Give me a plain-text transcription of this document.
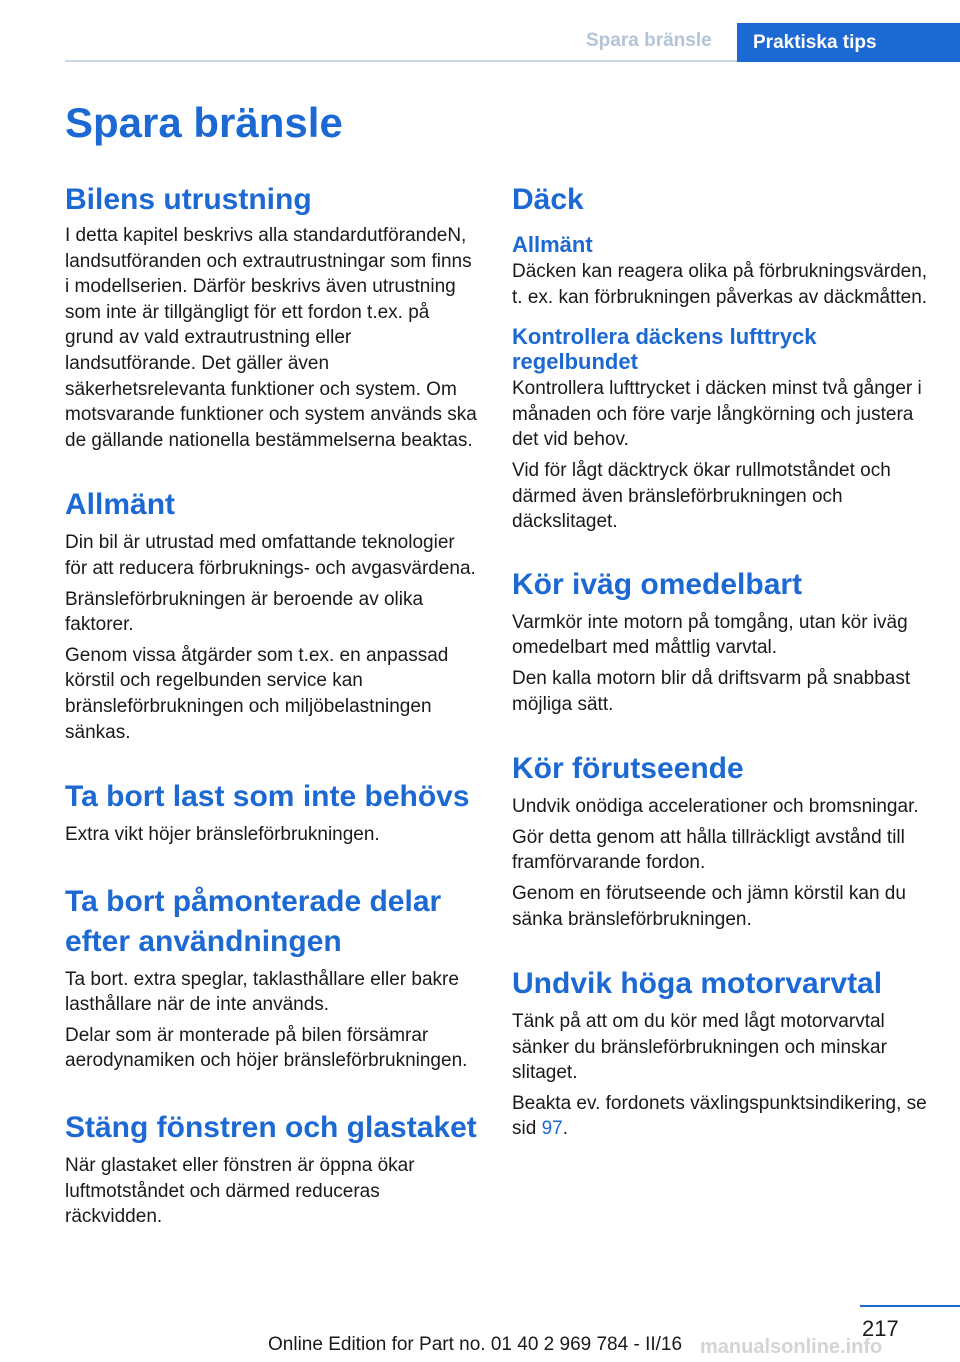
Spara bränsle	Praktiska tips
Spara bränsle
Bilens utrustning

I detta kapitel beskrivs alla standardutförandeN, landsutföranden och extrautrustningar som finns i modellserien. Därför beskrivs även utrustning som inte är tillgängligt för ett fordon t.ex. på grund av vald extrautrustning eller landsutförande. Det gäller även säkerhetsrelevanta funktioner och system. Om motsvarande funktioner och system används ska de gällande nationella bestämmelserna beaktas.

Allmänt

Din bil är utrustad med omfattande teknologier för att reducera förbruknings- och avgasvärdena.

Bränsleförbrukningen är beroende av olika faktorer.

Genom vissa åtgärder som t.ex. en anpassad körstil och regelbunden service kan bränsleförbrukningen och miljöbelastningen sänkas.

Ta bort last som inte behövs

Extra vikt höjer bränsleförbrukningen.

Ta bort påmonterade delar efter användningen

Ta bort. extra speglar, taklasthållare eller bakre lasthållare när de inte används.

Delar som är monterade på bilen försämrar aerodynamiken och höjer bränsleförbrukningen.

Stäng fönstren och glastaket

När glastaket eller fönstren är öppna ökar luftmotståndet och därmed reduceras räckvidden.

Däck
Allmänt

Däcken kan reagera olika på förbrukningsvärden, t. ex. kan förbrukningen påverkas av däckmåtten.

Kontrollera däckens lufttryck regelbundet

Kontrollera lufttrycket i däcken minst två gånger i månaden och före varje långkörning och justera det vid behov.

Vid för lågt däcktryck ökar rullmotståndet och därmed även bränsleförbrukningen och däckslitaget.

Kör iväg omedelbart

Varmkör inte motorn på tomgång, utan kör iväg omedelbart med måttlig varvtal.

Den kalla motorn blir då driftsvarm på snabbast möjliga sätt.

Kör förutseende

Undvik onödiga accelerationer och bromsningar.

Gör detta genom att hålla tillräckligt avstånd till framförvarande fordon.

Genom en förutseende och jämn körstil kan du sänka bränsleförbrukningen.

Undvik höga motorvarvtal

Tänk på att om du kör med lågt motorvarvtal sänker du bränsleförbrukningen och minskar slitaget.

Beakta ev. fordonets växlingspunktsindikering, se sid 97.

217
Online Edition for Part no. 01 40 2 969 784 - II/16 manualsonline.info
